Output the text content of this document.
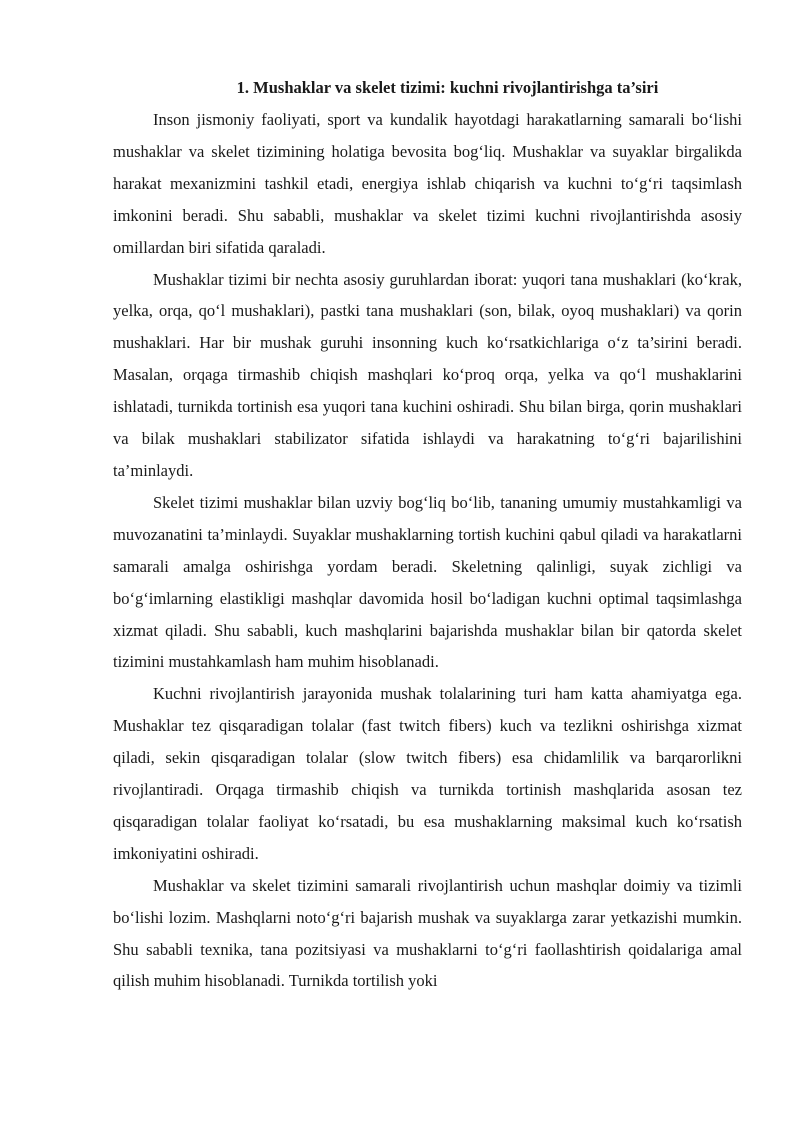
1. Mushaklar va skelet tizimi: kuchni rivojlantirishga ta’siri

Inson jismoniy faoliyati, sport va kundalik hayotdagi harakatlarning samarali bo‘lishi mushaklar va skelet tizimining holatiga bevosita bog‘liq. Mushaklar va suyaklar birgalikda harakat mexanizmini tashkil etadi, energiya ishlab chiqarish va kuchni to‘g‘ri taqsimlash imkonini beradi. Shu sababli, mushaklar va skelet tizimi kuchni rivojlantirishda asosiy omillardan biri sifatida qaraladi.

Mushaklar tizimi bir nechta asosiy guruhlardan iborat: yuqori tana mushaklari (ko‘krak, yelka, orqa, qo‘l mushaklari), pastki tana mushaklari (son, bilak, oyoq mushaklari) va qorin mushaklari. Har bir mushak guruhi insonning kuch ko‘rsatkichlariga o‘z ta’sirini beradi. Masalan, orqaga tirmashib chiqish mashqlari ko‘proq orqa, yelka va qo‘l mushaklarini ishlatadi, turnikda tortinish esa yuqori tana kuchini oshiradi. Shu bilan birga, qorin mushaklari va bilak mushaklari stabilizator sifatida ishlaydi va harakatning to‘g‘ri bajarilishini ta’minlaydi.

Skelet tizimi mushaklar bilan uzviy bog‘liq bo‘lib, tananing umumiy mustahkamligi va muvozanatini ta’minlaydi. Suyaklar mushaklarning tortish kuchini qabul qiladi va harakatlarni samarali amalga oshirishga yordam beradi. Skeletning qalinligi, suyak zichligi va bo‘g‘imlarning elastikligi mashqlar davomida hosil bo‘ladigan kuchni optimal taqsimlashga xizmat qiladi. Shu sababli, kuch mashqlarini bajarishda mushaklar bilan bir qatorda skelet tizimini mustahkamlash ham muhim hisoblanadi.

Kuchni rivojlantirish jarayonida mushak tolalarining turi ham katta ahamiyatga ega. Mushaklar tez qisqaradigan tolalar (fast twitch fibers) kuch va tezlikni oshirishga xizmat qiladi, sekin qisqaradigan tolalar (slow twitch fibers) esa chidamlilik va barqarorlikni rivojlantiradi. Orqaga tirmashib chiqish va turnikda tortinish mashqlarida asosan tez qisqaradigan tolalar faoliyat ko‘rsatadi, bu esa mushaklarning maksimal kuch ko‘rsatish imkoniyatini oshiradi.

Mushaklar va skelet tizimini samarali rivojlantirish uchun mashqlar doimiy va tizimli bo‘lishi lozim. Mashqlarni noto‘g‘ri bajarish mushak va suyaklarga zarar yetkazishi mumkin. Shu sababli texnika, tana pozitsiyasi va mushaklarni to‘g‘ri faollashtirish qoidalariga amal qilish muhim hisoblanadi. Turnikda tortilish yoki
